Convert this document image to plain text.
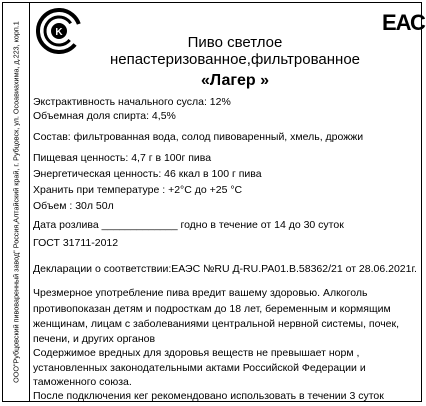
ООО"Рубцовский пивоваренный завод" Россия,Алтайский край, г. Рубцовск, ул. Осоавиахима, д.223, корп.1	K	ЕАС
Пиво светлое
непастеризованное,фильтрованное
«Лагер »
Экстрактивность начального сусла: 12%
Объемная доля спирта: 4,5%
Состав: фильтрованная вода, солод пивоваренный, хмель, дрожжи
Пищевая ценность: 4,7 г в 100г пива
Энергетическая ценность: 46 ккал в 100 г пива
Хранить при температуре : +2°С до +25 °С
Объем : 30л 50л
Дата розлива _____________ годно в течение от 14 до 30 суток
ГОСТ 31711-2012
Декларации о соответствии:ЕАЭС №RU Д-RU.PA01.B.58362/21 от 28.06.2021г.
Чрезмерное употребление пива вредит вашему здоровью. Алкоголь
противопоказан детям и подросткам до 18 лет, беременным и кормящим
женщинам, лицам с заболеваниями центральной нервной системы, почек,
печени, и других органов
Содержимое вредных для здоровья веществ не превышает норм ,
установленных законодательными актами Российской Федерации и
таможенного союза.
После подключения кег рекомендовано использовать в течении 3 суток
